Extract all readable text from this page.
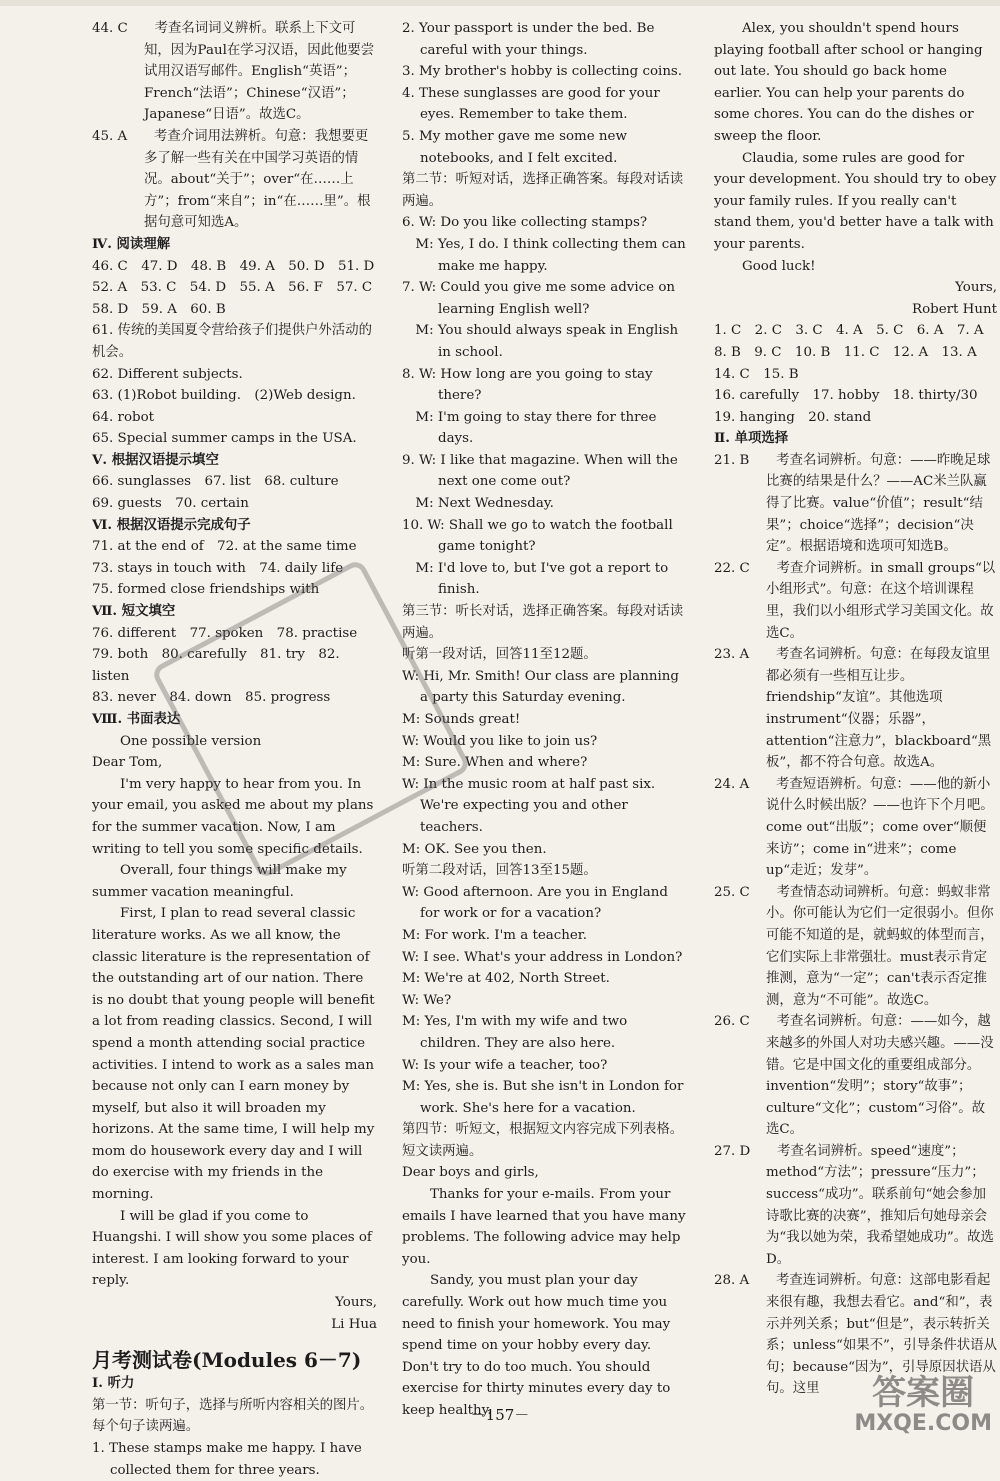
44. C　　考查名词词义辨析。联系上下文可知，因为Paul在学习汉语，因此他要尝试用汉语写邮件。English“英语”；French“法语”；Chinese“汉语”；Japanese“日语”。故选C。
45. A　　考查介词用法辨析。句意：我想要更多了解一些有关在中国学习英语的情况。about“关于”；over“在……上方”；from“来自”；in“在……里”。根据句意可知选A。
Ⅳ. 阅读理解
46. C　47. D　48. B　49. A　50. D　51. D
52. A　53. C　54. D　55. A　56. F　57. C
58. D　59. A　60. B
61. 传统的美国夏令营给孩子们提供户外活动的机会。
62. Different subjects.
63. (1)Robot building.　(2)Web design.
64. robot
65. Special summer camps in the USA.
Ⅴ. 根据汉语提示填空
66. sunglasses　67. list　68. culture
69. guests　70. certain
Ⅵ. 根据汉语提示完成句子
71. at the end of　72. at the same time
73. stays in touch with　74. daily life
75. formed close friendships with
Ⅶ. 短文填空
76. different　77. spoken　78. practise
79. both　80. carefully　81. try　82. listen
83. never　84. down　85. progress
Ⅷ. 书面表达
One possible version
Dear Tom,
I'm very happy to hear from you. In your email, you asked me about my plans for the summer vacation. Now, I am writing to tell you some specific details.
Overall, four things will make my summer vacation meaningful.
First, I plan to read several classic literature works. As we all know, the classic literature is the representation of the outstanding art of our nation. There is no doubt that young people will benefit a lot from reading classics. Second, I will spend a month attending social practice activities. I intend to work as a sales man because not only can I earn money by myself, but also it will broaden my horizons. At the same time, I will help my mom do housework every day and I will do exercise with my friends in the morning.
I will be glad if you come to Huangshi. I will show you some places of interest. I am looking forward to your reply.
Yours,
Li Hua
月考测试卷(Modules 6－7)
Ⅰ. 听力
第一节：听句子，选择与所听内容相关的图片。每个句子读两遍。
1. These stamps make me happy. I have collected them for three years.
2. Your passport is under the bed. Be careful with your things.
3. My brother's hobby is collecting coins.
4. These sunglasses are good for your eyes. Remember to take them.
5. My mother gave me some new notebooks, and I felt excited.
第二节：听短对话，选择正确答案。每段对话读两遍。
6. W: Do you like collecting stamps?
　M: Yes, I do. I think collecting them can make me happy.
7. W: Could you give me some advice on learning English well?
　M: You should always speak in English in school.
8. W: How long are you going to stay there?
　M: I'm going to stay there for three days.
9. W: I like that magazine. When will the next one come out?
　M: Next Wednesday.
10. W: Shall we go to watch the football game tonight?
　M: I'd love to, but I've got a report to finish.
第三节：听长对话，选择正确答案。每段对话读两遍。
听第一段对话，回答11至12题。
W: Hi, Mr. Smith! Our class are planning a party this Saturday evening.
M: Sounds great!
W: Would you like to join us?
M: Sure. When and where?
W: In the music room at half past six. We're expecting you and other teachers.
M: OK. See you then.
听第二段对话，回答13至15题。
W: Good afternoon. Are you in England for work or for a vacation?
M: For work. I'm a teacher.
W: I see. What's your address in London?
M: We're at 402, North Street.
W: We?
M: Yes, I'm with my wife and two children. They are also here.
W: Is your wife a teacher, too?
M: Yes, she is. But she isn't in London for work. She's here for a vacation.
第四节：听短文，根据短文内容完成下列表格。短文读两遍。
Dear boys and girls,
Thanks for your e-mails. From your emails I have learned that you have many problems. The following advice may help you.
Sandy, you must plan your day carefully. Work out how much time you need to finish your homework. You may spend time on your hobby every day. Don't try to do too much. You should exercise for thirty minutes every day to keep healthy.
Alex, you shouldn't spend hours playing football after school or hanging out late. You should go back home earlier. You can help your parents do some chores. You can do the dishes or sweep the floor.
Claudia, some rules are good for your development. You should try to obey your family rules. If you really can't stand them, you'd better have a talk with your parents.
Good luck!
Yours,
Robert Hunt
1. C　2. C　3. C　4. A　5. C　6. A　7. A
8. B　9. C　10. B　11. C　12. A　13. A
14. C　15. B
16. carefully　17. hobby　18. thirty/30
19. hanging　20. stand
Ⅱ. 单项选择
21. B　　考查名词辨析。句意：——昨晚足球比赛的结果是什么？——AC米兰队赢得了比赛。value“价值”；result“结果”；choice“选择”；decision“决定”。根据语境和选项可知选B。
22. C　　考查介词辨析。in small groups“以小组形式”。句意：在这个培训课程里，我们以小组形式学习美国文化。故选C。
23. A　　考查名词辨析。句意：在每段友谊里都必须有一些相互让步。friendship“友谊”。其他选项instrument“仪器；乐器”，attention“注意力”，blackboard“黑板”，都不符合句意。故选A。
24. A　　考查短语辨析。句意：——他的新小说什么时候出版？——也许下个月吧。come out“出版”；come over“顺便来访”；come in“进来”；come up“走近；发芽”。
25. C　　考查情态动词辨析。句意：蚂蚁非常小。你可能认为它们一定很弱小。但你可能不知道的是，就蚂蚁的体型而言，它们实际上非常强壮。must表示肯定推测，意为“一定”；can't表示否定推测，意为“不可能”。故选C。
26. C　　考查名词辨析。句意：——如今，越来越多的外国人对功夫感兴趣。——没错。它是中国文化的重要组成部分。invention“发明”；story“故事”；culture“文化”；custom“习俗”。故选C。
27. D　　考查名词辨析。speed“速度”；method“方法”；pressure“压力”；success“成功”。联系前句“她会参加诗歌比赛的决赛”，推知后句她母亲会为“我以她为荣，我希望她成功”。故选D。
28. A　　考查连词辨析。句意：这部电影看起来很有趣，我想去看它。and“和”，表示并列关系；but“但是”，表示转折关系；unless“如果不”，引导条件状语从句；because“因为”，引导原因状语从句。这里
－157－
答案圈
MXQE.COM
